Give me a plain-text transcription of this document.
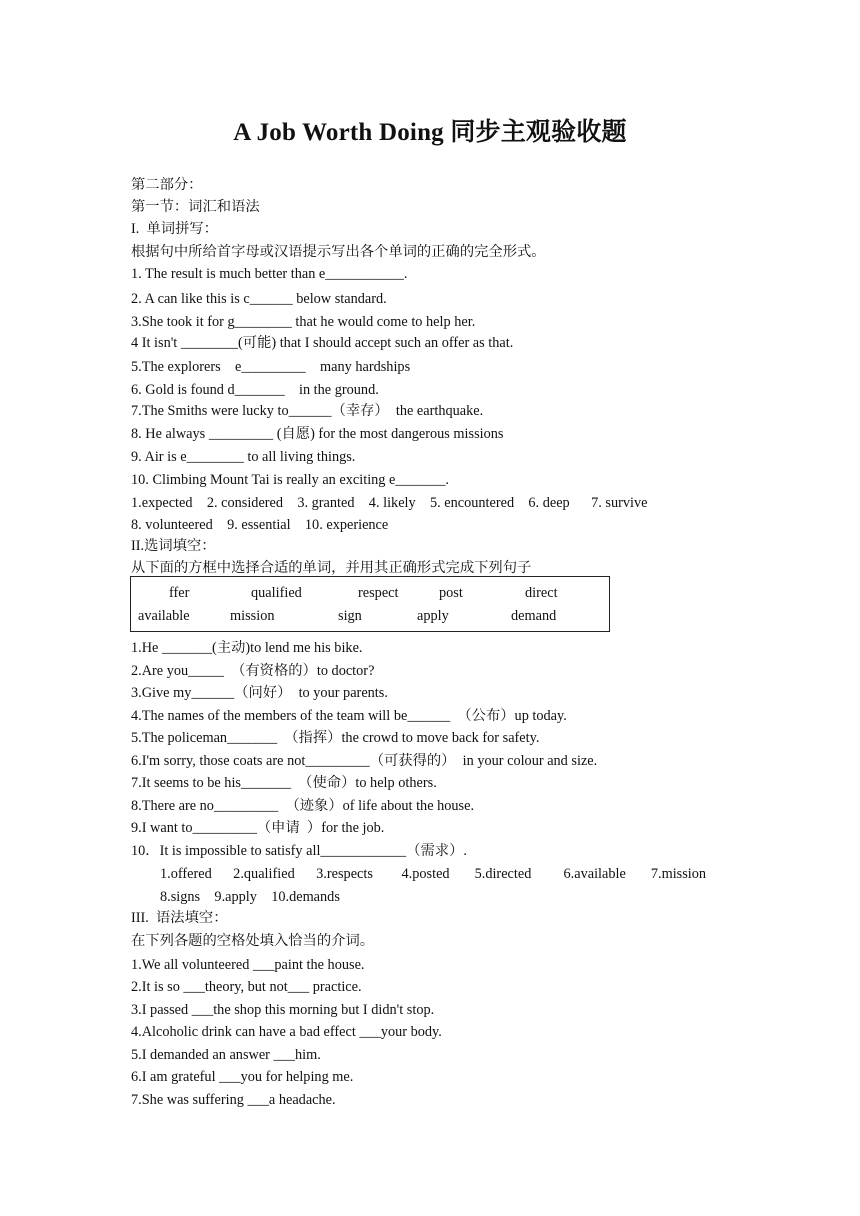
A Job Worth Doing 同步主观验收题
第二部分：
第一节：词汇和语法
I.  单词拼写：
根据句中所给首字母或汉语提示写出各个单词的正确的完全形式。
1. The result is much better than e___________.
2. A can like this is c______ below standard.
3.She took it for g________ that he would come to help her.
4 It isn't ________(可能) that I should accept such an offer as that.
5.The explorers    e_________    many hardships
6. Gold is found d_______    in the ground.
7.The Smiths were lucky to______（幸存）  the earthquake.
8. He always _________ (自愿) for the most dangerous missions
9. Air is e________ to all living things.
10. Climbing Mount Tai is really an exciting e_______.
1.expected    2. considered    3. granted    4. likely    5. encountered    6. deep      7. survive
8. volunteered    9. essential    10. experience
II.选词填空：
从下面的方框中选择合适的单词，并用其正确形式完成下列句子
ffer	qualified	respect	post	direct
available	mission	sign	apply	demand
1.He _______(主动)to lend me his bike.
2.Are you_____  （有资格的）to doctor?
3.Give my______（问好）  to your parents.
4.The names of the members of the team will be______  （公布）up today.
5.The policeman_______  （指挥）the crowd to move back for safety.
6.I'm sorry, those coats are not_________（可获得的）  in your colour and size.
7.It seems to be his_______  （使命）to help others.
8.There are no_________  （迹象）of life about the house.
9.I want to_________（申请  ）for the job.
10．It is impossible to satisfy all____________（需求）.
1.offered      2.qualified      3.respects        4.posted       5.directed         6.available       7.mission
8.signs    9.apply    10.demands
III.  语法填空：
在下列各题的空格处填入恰当的介词。
1.We all volunteered ___paint the house.
2.It is so ___theory, but not___ practice.
3.I passed ___the shop this morning but I didn't stop.
4.Alcoholic drink can have a bad effect ___your body.
5.I demanded an answer ___him.
6.I am grateful ___you for helping me.
7.She was suffering ___a headache.
